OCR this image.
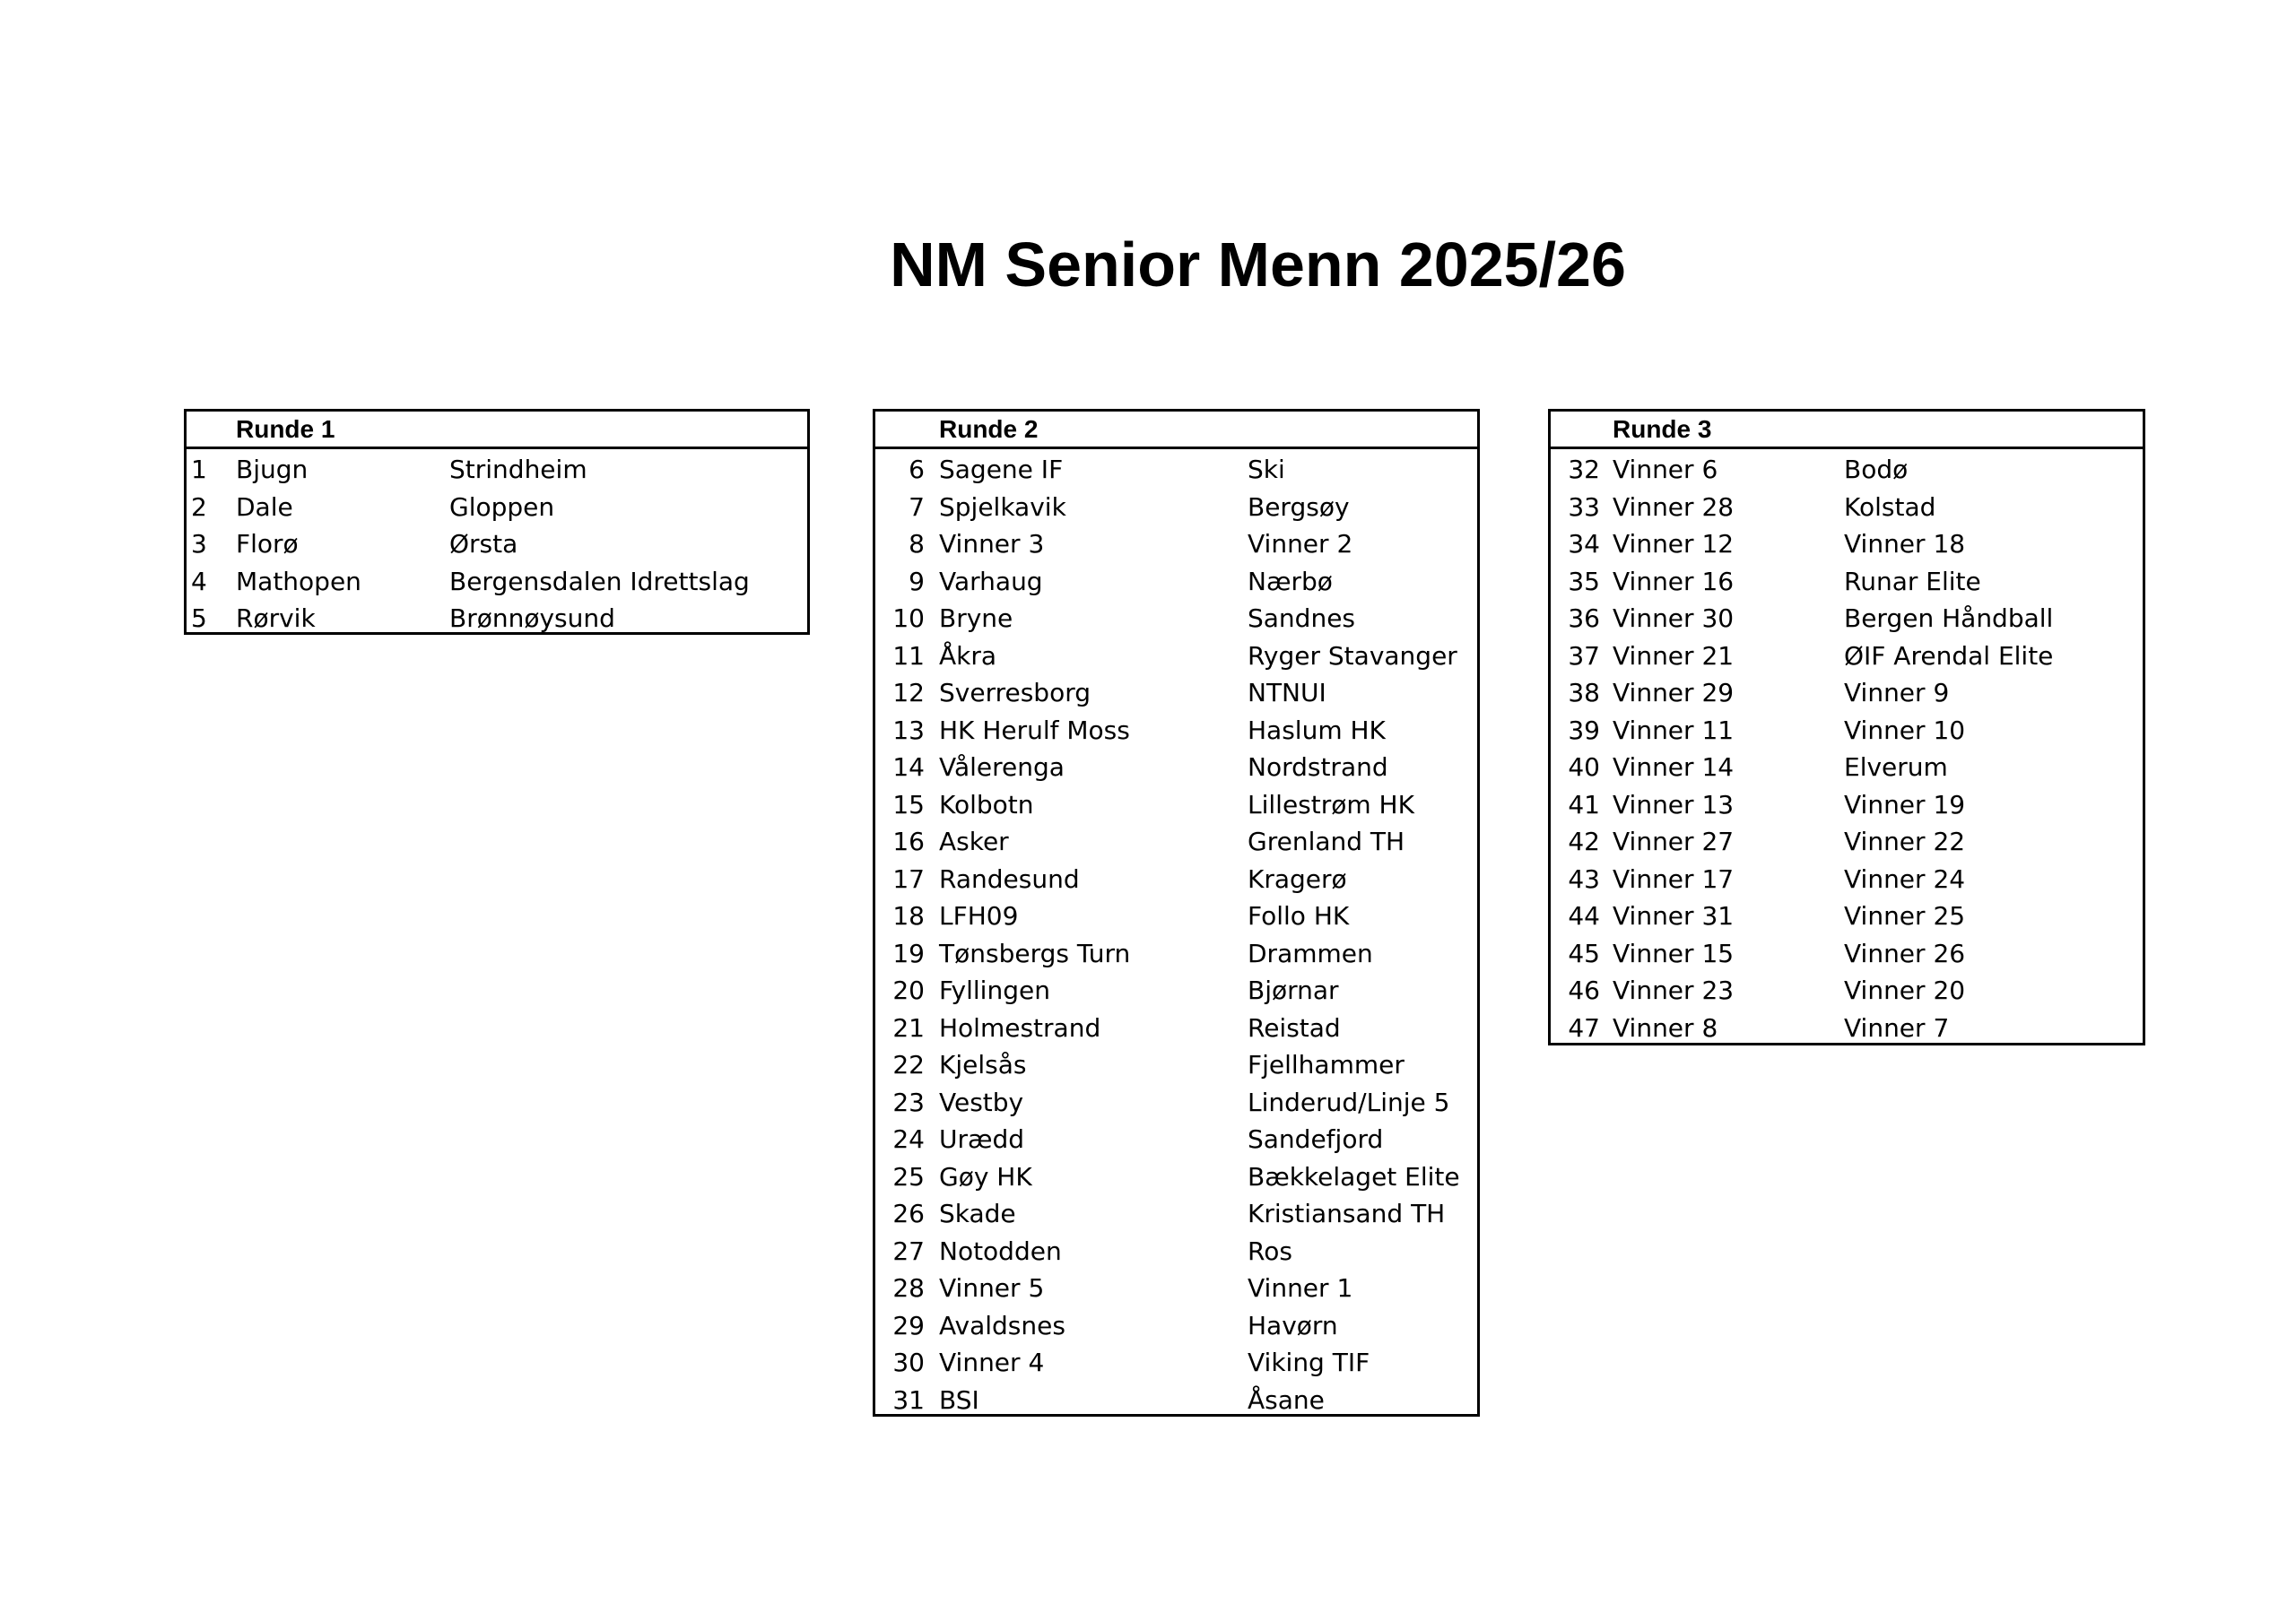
NM Senior Menn 2025/26
Runde 1
1 Bjugn	Strindheim
2 Dale	Gloppen
3 Florø	Ørsta
4 Mathopen	Bergensdalen Idrettslag
5 Rørvik	Brønnøysund
Runde 2
6 Sagene IF	Ski
7 Spjelkavik	Bergsøy
8 Vinner 3	Vinner 2
9 Varhaug	Nærbø
10 Bryne	Sandnes
11 Åkra	Ryger Stavanger
12 Sverresborg	NTNUI
13 HK Herulf Moss	Haslum HK
14 Vålerenga	Nordstrand
15 Kolbotn	Lillestrøm HK
16 Asker	Grenland TH
17 Randesund	Kragerø
18 LFH09	Follo HK
19 Tønsbergs Turn	Drammen
20 Fyllingen	Bjørnar
21 Holmestrand	Reistad
22 Kjelsås	Fjellhammer
23 Vestby	Linderud/Linje 5
24 Urædd	Sandefjord
25 Gøy HK	Bækkelaget Elite
26 Skade	Kristiansand TH
27 Notodden	Ros
28 Vinner 5	Vinner 1
29 Avaldsnes	Havørn
30 Vinner 4	Viking TIF
31 BSI	Åsane
Runde 3
32 Vinner 6	Bodø
33 Vinner 28	Kolstad
34 Vinner 12	Vinner 18
35 Vinner 16	Runar Elite
36 Vinner 30	Bergen Håndball
37 Vinner 21	ØIF Arendal Elite
38 Vinner 29	Vinner 9
39 Vinner 11	Vinner 10
40 Vinner 14	Elverum
41 Vinner 13	Vinner 19
42 Vinner 27	Vinner 22
43 Vinner 17	Vinner 24
44 Vinner 31	Vinner 25
45 Vinner 15	Vinner 26
46 Vinner 23	Vinner 20
47 Vinner 8	Vinner 7
